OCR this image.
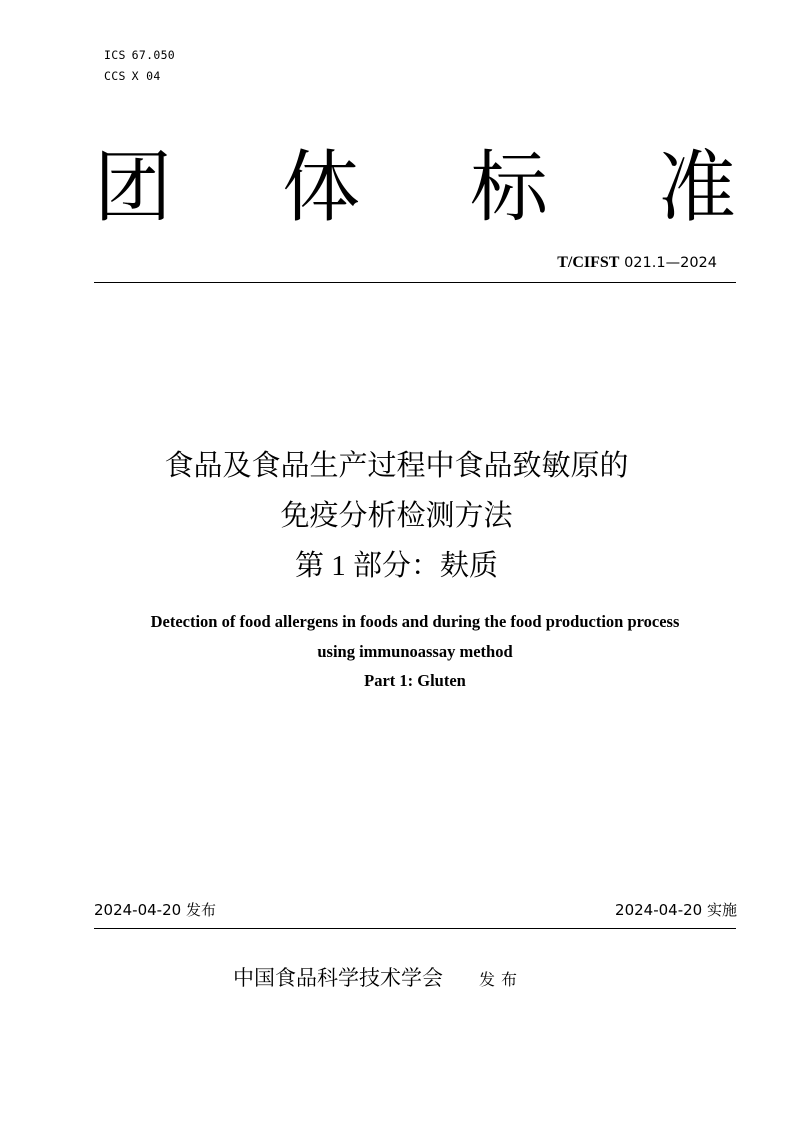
ICS 67.050
CCS X 04
团 体 标 准
T/CIFST 021.1—2024
食品及食品生产过程中食品致敏原的
免疫分析检测方法
第 1 部分：麸质
Detection of food allergens in foods and during the food production process
using immunoassay method
Part 1: Gluten
2024-04-20 发布	2024-04-20 实施
中国食品科学技术学会 发布
